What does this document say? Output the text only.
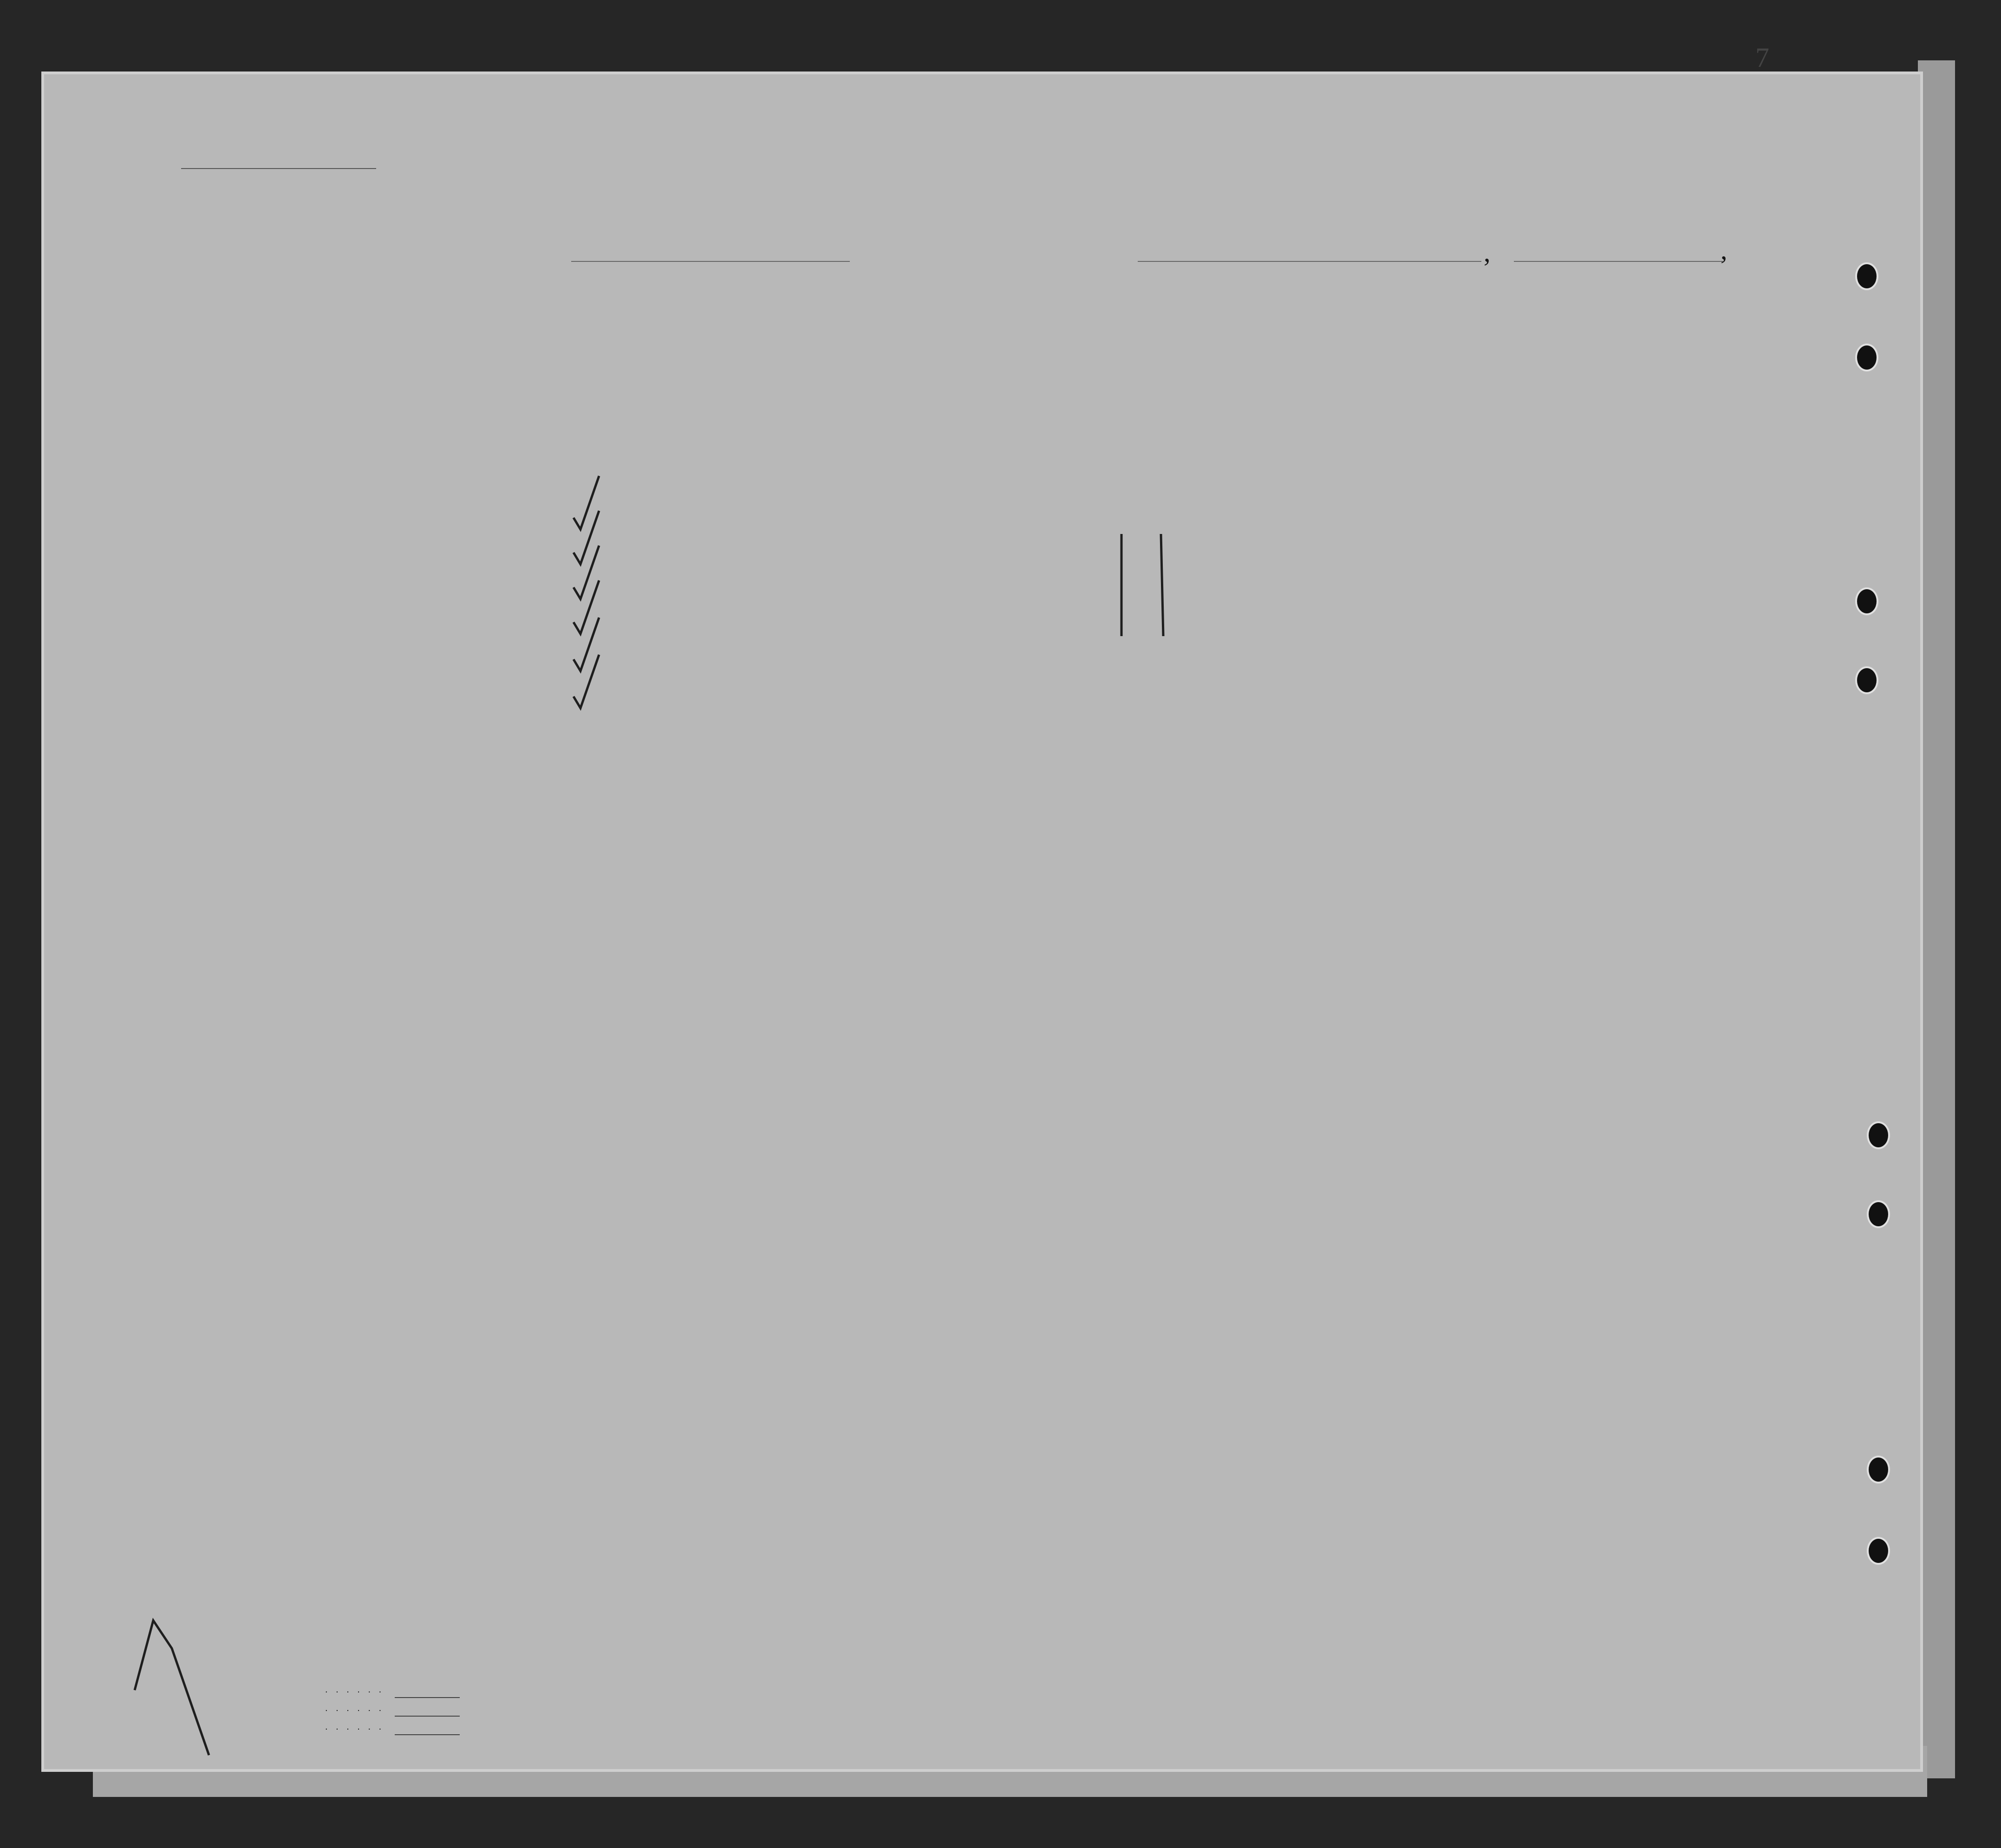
7
,	,
. . . . . .
. . . . . .
. . . . . .
